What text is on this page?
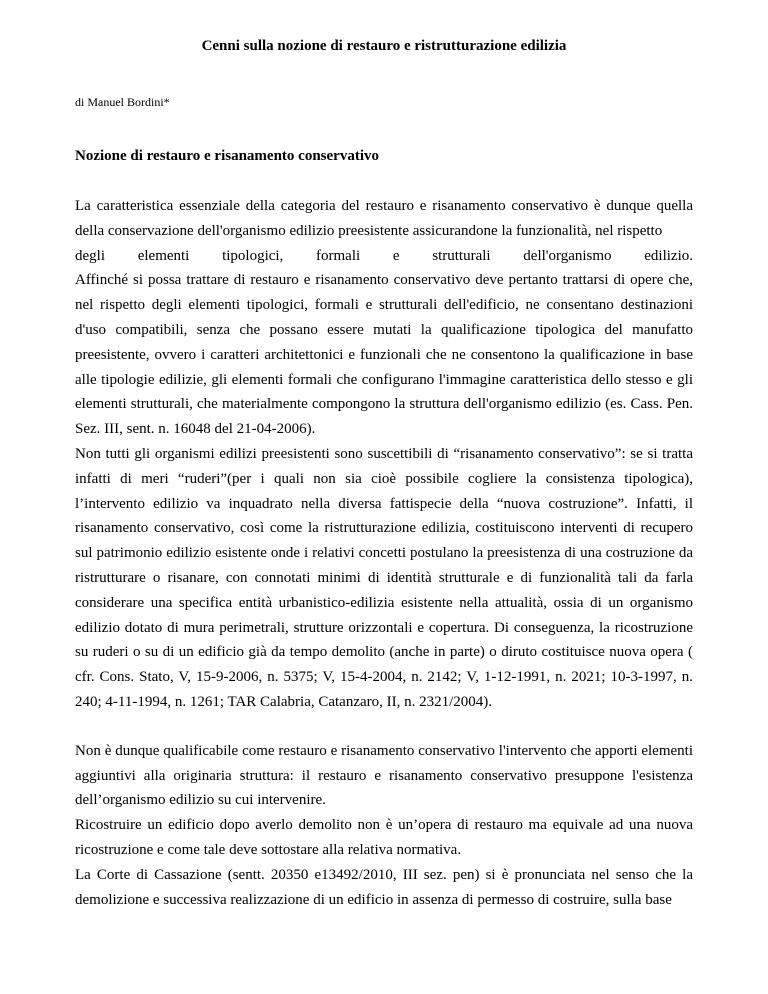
Cenni sulla nozione di restauro e ristrutturazione edilizia

di Manuel Bordini*

Nozione di restauro e risanamento conservativo

La caratteristica essenziale della categoria del restauro e risanamento conservativo è dunque quella della conservazione dell'organismo edilizio preesistente assicurandone la funzionalità, nel rispetto
degli elementi tipologici, formali e strutturali dell'organismo edilizio.

Affinché si possa trattare di restauro e risanamento conservativo deve pertanto trattarsi di opere che, nel rispetto degli elementi tipologici, formali e strutturali dell'edificio, ne consentano destinazioni d'uso compatibili, senza che possano essere mutati la qualificazione tipologica del manufatto preesistente, ovvero i caratteri architettonici e funzionali che ne consentono la qualificazione in base alle tipologie edilizie, gli elementi formali che configurano l'immagine caratteristica dello stesso e gli elementi strutturali, che materialmente compongono la struttura dell'organismo edilizio (es. Cass. Pen. Sez. III, sent. n. 16048 del 21-04-2006).

Non tutti gli organismi edilizi preesistenti sono suscettibili di “risanamento conservativo”: se si tratta infatti di meri “ruderi”(per i quali non sia cioè possibile cogliere la consistenza tipologica), l’intervento edilizio va inquadrato nella diversa fattispecie della “nuova costruzione”. Infatti, il risanamento conservativo, così come la ristrutturazione edilizia, costituiscono interventi di recupero sul patrimonio edilizio esistente onde i relativi concetti postulano la preesistenza di una costruzione da ristrutturare o risanare, con connotati minimi di identità strutturale e di funzionalità tali da farla considerare una specifica entità urbanistico-edilizia esistente nella attualità, ossia di un organismo edilizio dotato di mura perimetrali, strutture orizzontali e copertura. Di conseguenza, la ricostruzione su ruderi o su di un edificio già da tempo demolito (anche in parte) o diruto costituisce nuova opera ( cfr. Cons. Stato, V, 15-9-2006, n. 5375; V, 15-4-2004, n. 2142; V, 1-12-1991, n. 2021; 10-3-1997, n. 240; 4-11-1994, n. 1261; TAR Calabria, Catanzaro, II, n. 2321/2004).

Non è dunque qualificabile come restauro e risanamento conservativo l'intervento che apporti elementi aggiuntivi alla originaria struttura: il restauro e risanamento conservativo presuppone l'esistenza dell’organismo edilizio su cui intervenire.

Ricostruire un edificio dopo averlo demolito non è un’opera di restauro ma equivale ad una nuova ricostruzione e come tale deve sottostare alla relativa normativa.

La Corte di Cassazione (sentt. 20350 e13492/2010, III sez. pen) si è pronunciata nel senso che la demolizione e successiva realizzazione di un edificio in assenza di permesso di costruire, sulla base
